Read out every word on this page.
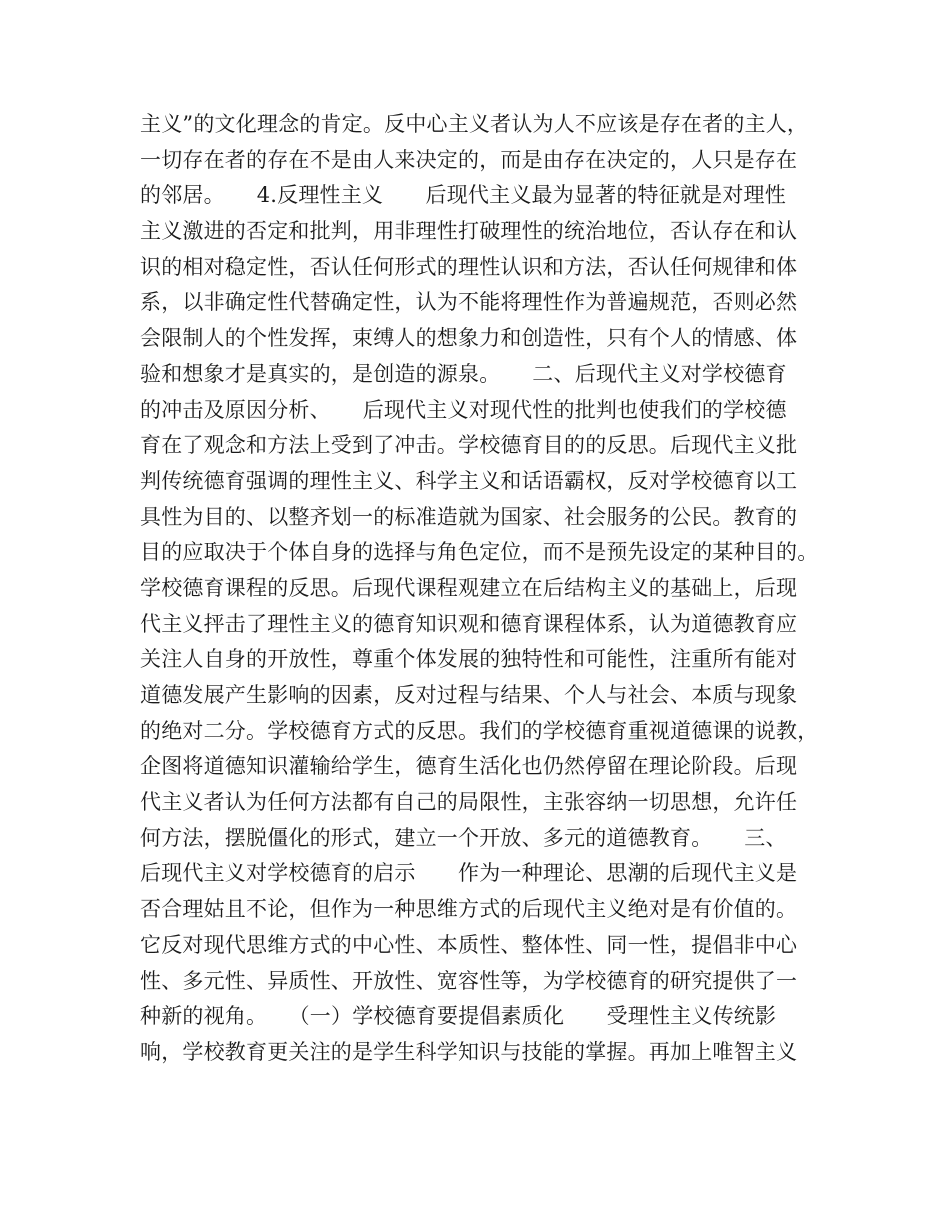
主义”的文化理念的肯定。反中心主义者认为人不应该是存在者的主人，
一切存在者的存在不是由人来决定的，而是由存在决定的，人只是存在
的邻居。　　4.反理性主义　　后现代主义最为显著的特征就是对理性
主义激进的否定和批判，用非理性打破理性的统治地位，否认存在和认
识的相对稳定性，否认任何形式的理性认识和方法，否认任何规律和体
系，以非确定性代替确定性，认为不能将理性作为普遍规范，否则必然
会限制人的个性发挥，束缚人的想象力和创造性，只有个人的情感、体
验和想象才是真实的，是创造的源泉。　　二、后现代主义对学校德育
的冲击及原因分析、　　后现代主义对现代性的批判也使我们的学校德
育在了观念和方法上受到了冲击。学校德育目的的反思。后现代主义批
判传统德育强调的理性主义、科学主义和话语霸权，反对学校德育以工
具性为目的、以整齐划一的标准造就为国家、社会服务的公民。教育的
目的应取决于个体自身的选择与角色定位，而不是预先设定的某种目的。
学校德育课程的反思。后现代课程观建立在后结构主义的基础上，后现
代主义抨击了理性主义的德育知识观和德育课程体系，认为道德教育应
关注人自身的开放性，尊重个体发展的独特性和可能性，注重所有能对
道德发展产生影响的因素，反对过程与结果、个人与社会、本质与现象
的绝对二分。学校德育方式的反思。我们的学校德育重视道德课的说教，
企图将道德知识灌输给学生，德育生活化也仍然停留在理论阶段。后现
代主义者认为任何方法都有自己的局限性，主张容纳一切思想，允许任
何方法，摆脱僵化的形式，建立一个开放、多元的道德教育。　　三、
后现代主义对学校德育的启示　　作为一种理论、思潮的后现代主义是
否合理姑且不论，但作为一种思维方式的后现代主义绝对是有价值的。
它反对现代思维方式的中心性、本质性、整体性、同一性，提倡非中心
性、多元性、异质性、开放性、宽容性等，为学校德育的研究提供了一
种新的视角。　　（一）学校德育要提倡素质化　　受理性主义传统影
响，学校教育更关注的是学生科学知识与技能的掌握。再加上唯智主义
